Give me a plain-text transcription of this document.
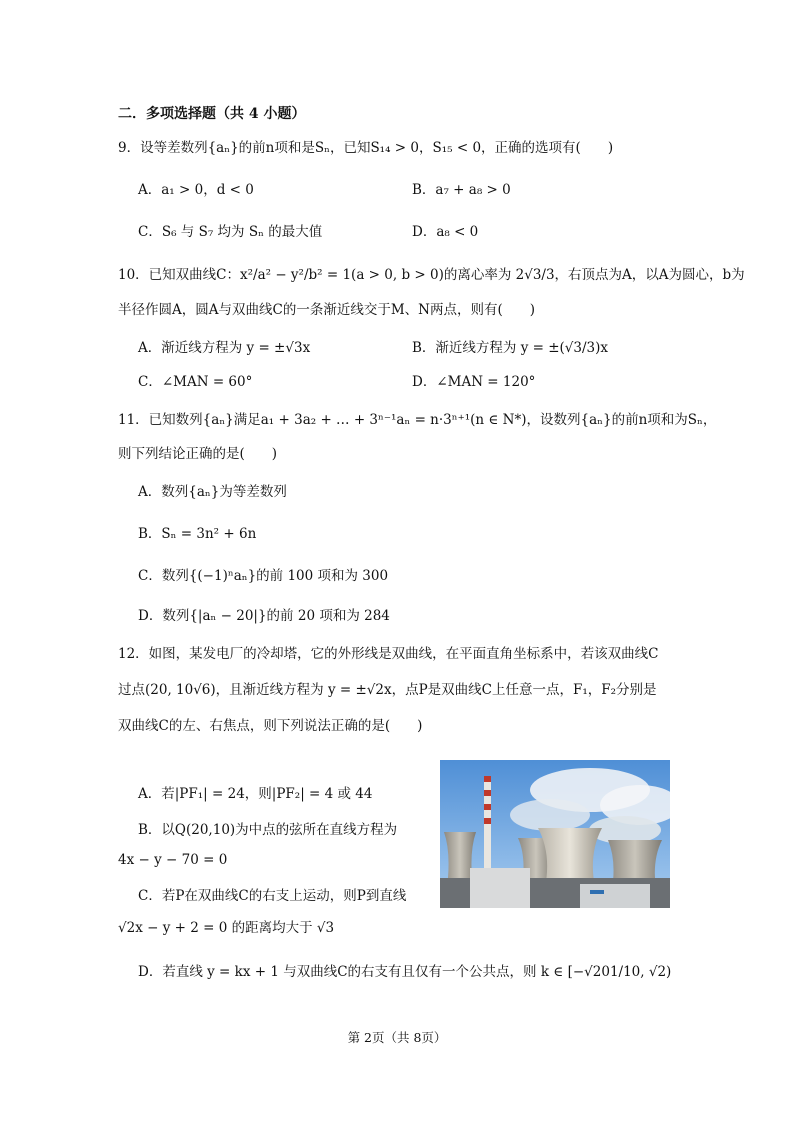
二．多项选择题（共 4 小题）
9．设等差数列{aₙ}的前n项和是Sₙ，已知S₁₄ > 0，S₁₅ < 0，正确的选项有(　　)
A．a₁ > 0，d < 0	B．a₇ + a₈ > 0
C．S₆ 与 S₇ 均为 Sₙ 的最大值	D．a₈ < 0
10．已知双曲线C：x²/a² − y²/b² = 1(a > 0, b > 0)的离心率为 2√3/3，右顶点为A，以A为圆心，b为
半径作圆A，圆A与双曲线C的一条渐近线交于M、N两点，则有(　　)
A．渐近线方程为 y = ±√3x	B．渐近线方程为 y = ±(√3/3)x
C．∠MAN = 60°	D．∠MAN = 120°
11．已知数列{aₙ}满足a₁ + 3a₂ + … + 3ⁿ⁻¹aₙ = n·3ⁿ⁺¹(n ∈ N*)，设数列{aₙ}的前n项和为Sₙ，
则下列结论正确的是(　　)
A．数列{aₙ}为等差数列
B．Sₙ = 3n² + 6n
C．数列{(−1)ⁿaₙ}的前 100 项和为 300
D．数列{|aₙ − 20|}的前 20 项和为 284
12．如图，某发电厂的冷却塔，它的外形线是双曲线，在平面直角坐标系中，若该双曲线C
过点(20, 10√6)，且渐近线方程为 y = ±√2x，点P是双曲线C上任意一点，F₁，F₂分别是
双曲线C的左、右焦点，则下列说法正确的是(　　)
A．若|PF₁| = 24，则|PF₂| = 4 或 44
B．以Q(20,10)为中点的弦所在直线方程为
4x − y − 70 = 0
C．若P在双曲线C的右支上运动，则P到直线
√2x − y + 2 = 0 的距离均大于 √3
D．若直线 y = kx + 1 与双曲线C的右支有且仅有一个公共点，则 k ∈ [−√201/10, √2)
第 2页（共 8页）
